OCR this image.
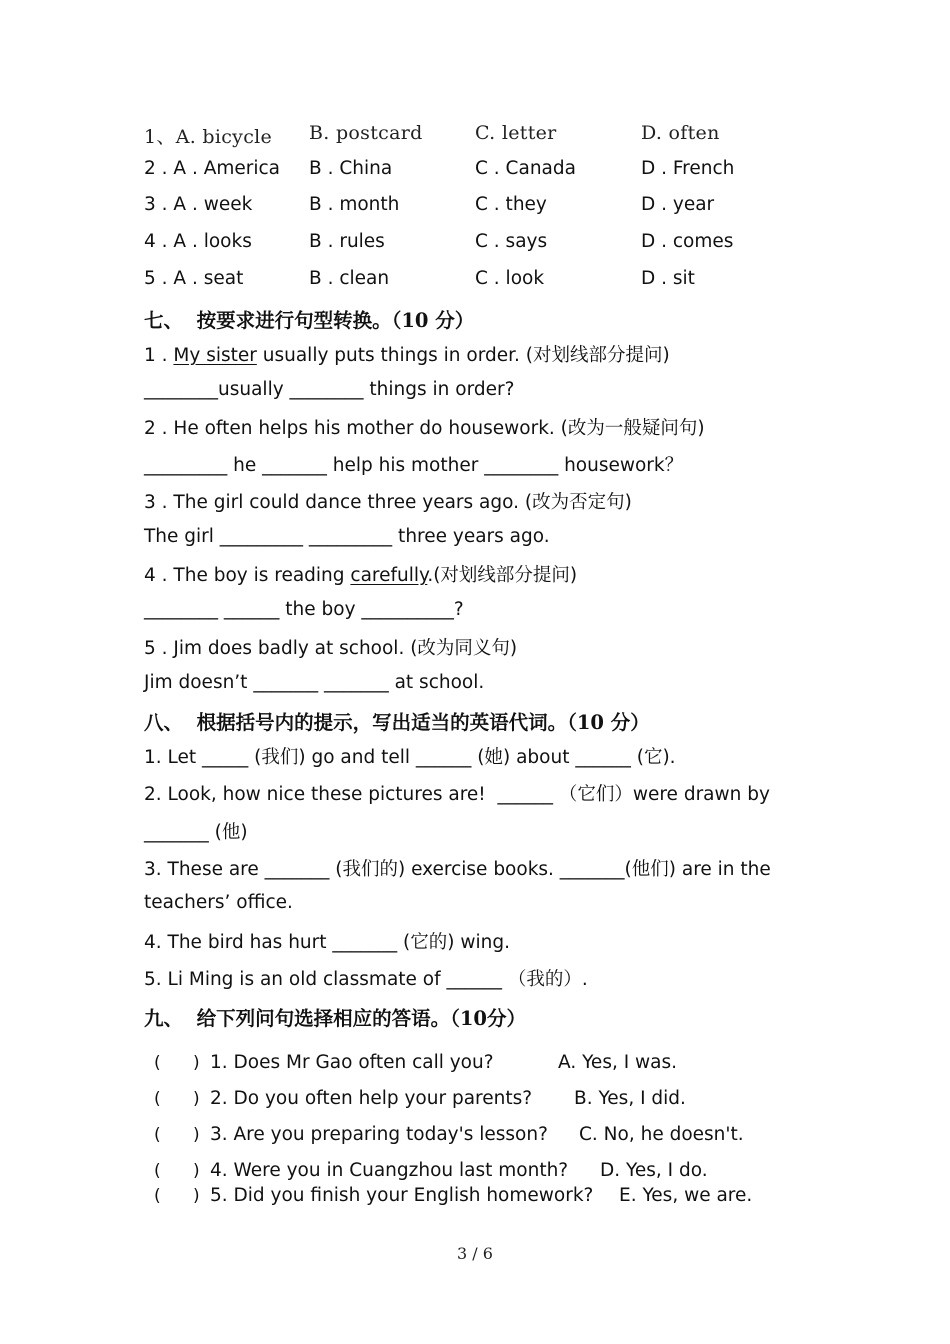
1、A. bicycle B. postcard	C. letter	D. often
2 . A . America B . China	C . Canada	D . French
3 . A . week	B . month	C . they	D . year
4 . A . looks	B . rules	C . says	D . comes
5 . A . seat	B . clean	C . look	D . sit
七、  按要求进行句型转换。（10 分）
1 . My sister usually puts things in order. (对划线部分提问)
________usually ________ things in order?
2 . He often helps his mother do housework. (改为一般疑问句)
_________ he _______ help his mother ________ housework？
3 . The girl could dance three years ago. (改为否定句)
The girl _________ _________ three years ago.
4 . The boy is reading carefully.(对划线部分提问)
________ ______ the boy __________?
5 . Jim does badly at school. (改为同义句)
Jim doesn’t _______ _______ at school.
八、  根据括号内的提示，写出适当的英语代词。（10 分）
1. Let _____ (我们) go and tell ______ (她) about ______ (它).
2. Look, how nice these pictures are!  ______ （它们）were drawn by
_______ (他)
3. These are _______ (我们的) exercise books. _______(他们) are in the
teachers’ office.
4. The bird has hurt _______ (它的) wing.
5. Li Ming is an old classmate of ______ （我的）.
九、  给下列问句选择相应的答语。（10分）
(      ) 1. Does Mr Gao often call you?	A. Yes, I was.
(      ) 2. Do you often help your parents? B. Yes, I did.
(      ) 3. Are you preparing today's lesson? C. No, he doesn't.
(      ) 4. Were you in Cuangzhou last month? D. Yes, I do.
(      ) 5. Did you finish your English homework? E. Yes, we are.
3 / 6
